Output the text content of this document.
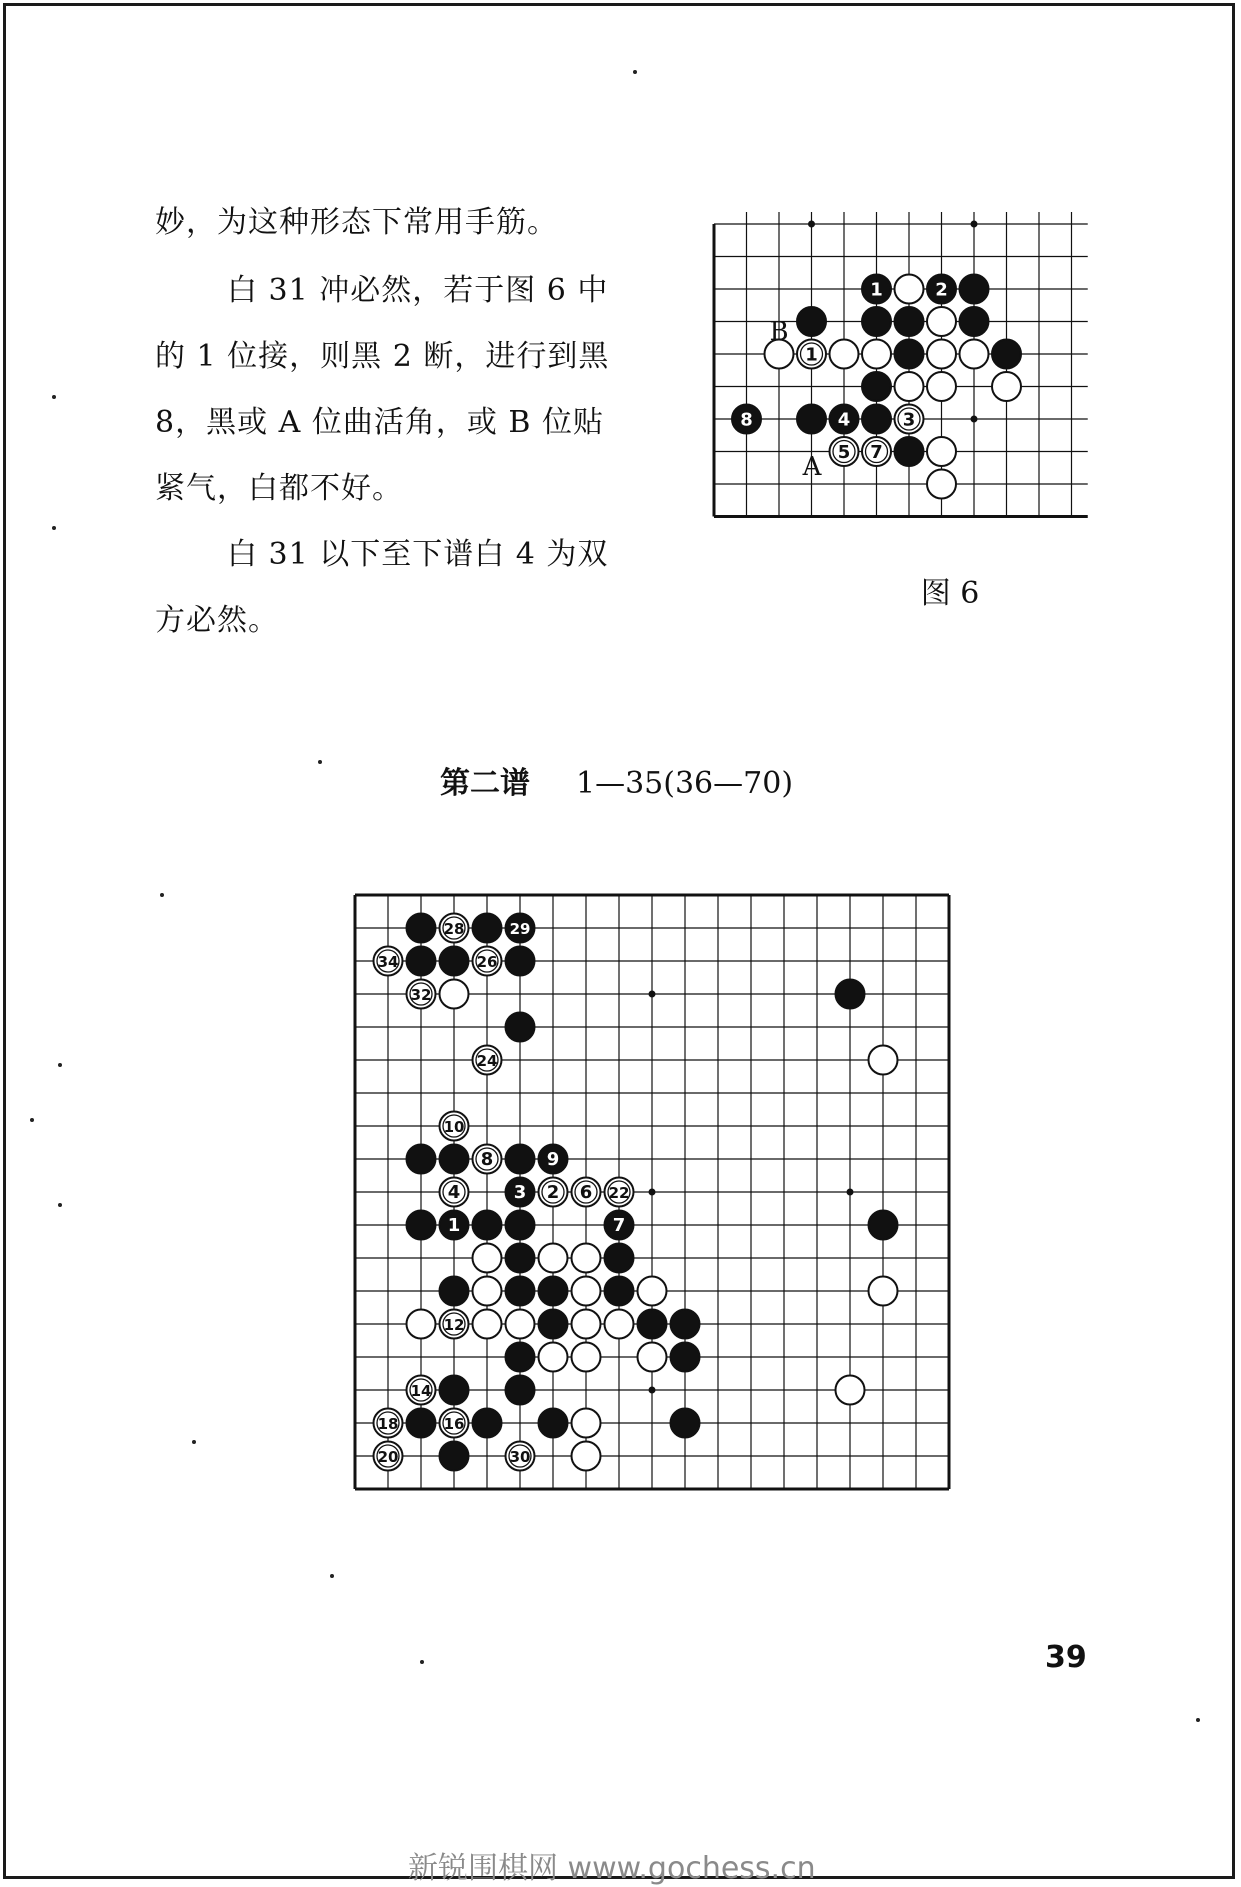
妙，为这种形态下常用手筋。

白 31 冲必然，若于图 6 中

的 1 位接，则黑 2 断，进行到黑

8，黑或 A 位曲活角，或 B 位贴

紧气，白都不好。

白 31 以下至下谱白 4 为双

方必然。

1	2
1
8	4	3
5 7
B
A
图 6
第二谱 1—35(36—70)
28	29
34	26
32
24
10
8	9
4	3 2 6 22
1	7
12
14
18	16
20	30
39
新锐围棋网 www.gochess.cn
